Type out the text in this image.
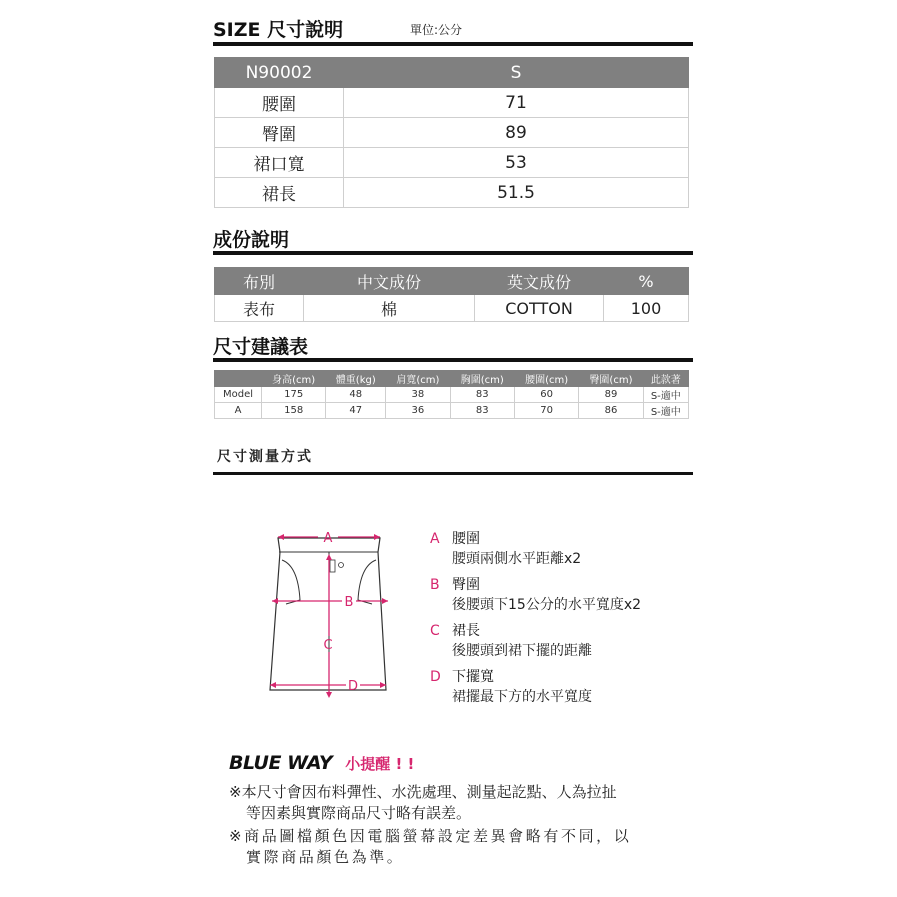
SIZE 尺寸說明	單位:公分
N90002	S
腰圍	71
臀圍	89
裙口寬	53
裙長	51.5
成份說明
布別	中文成份	英文成份	%
表布	棉	COTTON	100
尺寸建議表
	身高(cm)	體重(kg)	肩寬(cm)	胸圍(cm)	腰圍(cm)	臀圍(cm)	此款著
Model	175	48	38	83	60	89	S-適中
A	158	47	36	83	70	86	S-適中
尺寸測量方式
A
B
C
D
A 腰圍
腰頭兩側水平距離x2
B 臀圍
後腰頭下15公分的水平寬度x2
C 裙長
後腰頭到裙下擺的距離
D 下擺寬
裙擺最下方的水平寬度
BLUE WAY 小提醒 ! !
※本尺寸會因布料彈性、水洗處理、測量起訖點、人為拉扯
等因素與實際商品尺寸略有誤差。
※商品圖檔顏色因電腦螢幕設定差異會略有不同，以
實際商品顏色為準。
